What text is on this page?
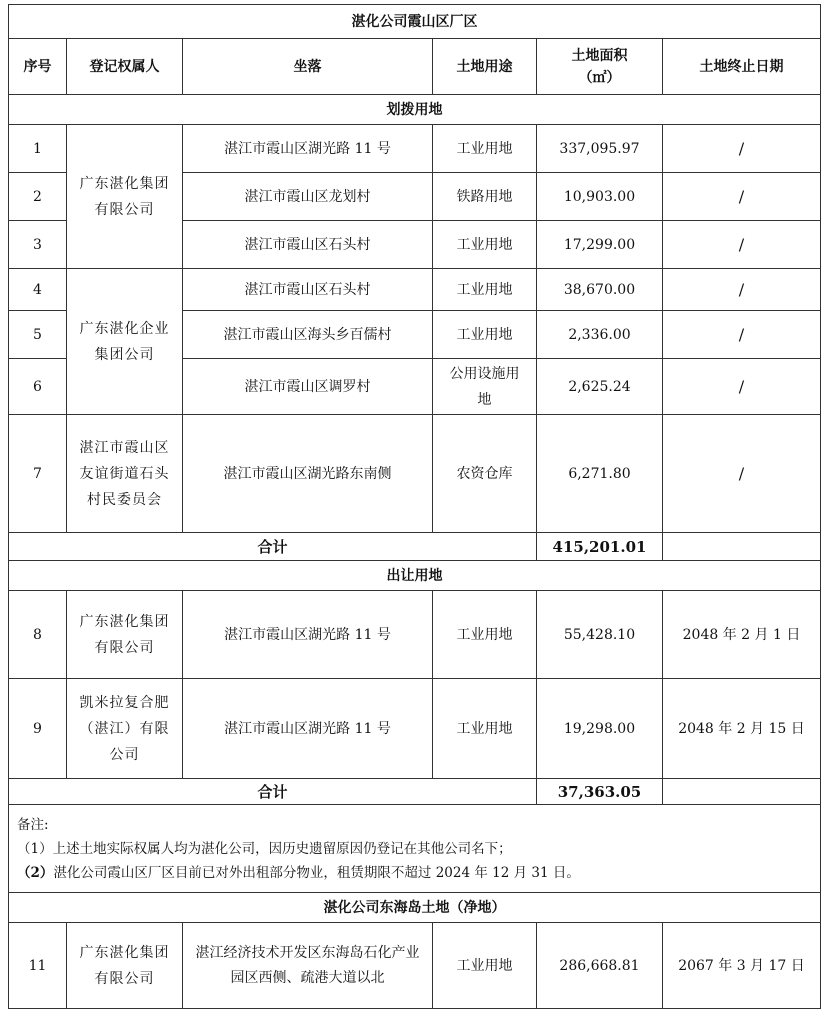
湛化公司霞山区厂区					
序号	登记权属人	坐落	土地用途	土地面积（㎡）	土地终止日期
划拨用地					
1	广东湛化集团有限公司	湛江市霞山区湖光路 11 号	工业用地	337,095.97	/
2		湛江市霞山区龙划村	铁路用地	10,903.00	/
3		湛江市霞山区石头村	工业用地	17,299.00	/
4	广东湛化企业集团公司	湛江市霞山区石头村	工业用地	38,670.00	/
5		湛江市霞山区海头乡百儒村	工业用地	2,336.00	/
6		湛江市霞山区调罗村	公用设施用地	2,625.24	/
7	湛江市霞山区友谊街道石头村民委员会	湛江市霞山区湖光路东南侧	农资仓库	6,271.80	/
合计				415,201.01	
出让用地					
8	广东湛化集团有限公司	湛江市霞山区湖光路 11 号	工业用地	55,428.10	2048 年 2 月 1 日
9	凯米拉复合肥（湛江）有限公司	湛江市霞山区湖光路 11 号	工业用地	19,298.00	2048 年 2 月 15 日
合计				37,363.05	

备注:
（1）上述土地实际权属人均为湛化公司，因历史遗留原因仍登记在其他公司名下；
（2）湛化公司霞山区厂区目前已对外出租部分物业，租赁期限不超过 2024 年 12 月 31 日。					

湛化公司东海岛土地（净地）					
11	广东湛化集团有限公司	湛江经济技术开发区东海岛石化产业园区西侧、疏港大道以北	工业用地	286,668.81	2067 年 3 月 17 日
